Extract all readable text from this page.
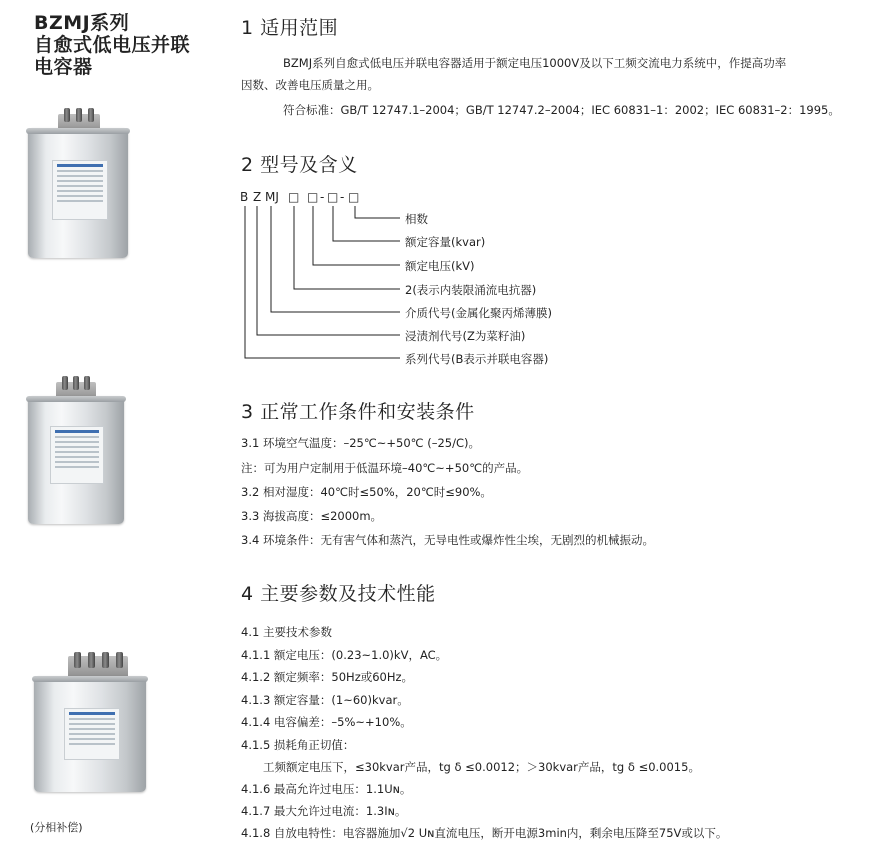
BZMJ系列
自愈式低电压并联
电容器
(分相补偿)
1 适用范围
BZMJ系列自愈式低电压并联电容器适用于额定电压1000V及以下工频交流电力系统中，作提高功率
因数、改善电压质量之用。
符合标准：GB/T 12747.1–2004；GB/T 12747.2–2004；IEC 60831–1：2002；IEC 60831–2：1995。
2 型号及含义
B Z MJ □ □ - □ - □
相数
额定容量(kvar)
额定电压(kV)
2(表示内装限涌流电抗器)
介质代号(金属化聚丙烯薄膜)
浸渍剂代号(Z为菜籽油)
系列代号(B表示并联电容器)
3 正常工作条件和安装条件
3.1 环境空气温度：–25℃~+50℃ (–25/C)。
注：可为用户定制用于低温环境–40℃~+50℃的产品。
3.2 相对湿度：40℃时≤50%，20℃时≤90%。
3.3 海拔高度：≤2000m。
3.4 环境条件：无有害气体和蒸汽，无导电性或爆炸性尘埃，无剧烈的机械振动。
4 主要参数及技术性能
4.1 主要技术参数
4.1.1 额定电压：(0.23~1.0)kV，AC。
4.1.2 额定频率：50Hz或60Hz。
4.1.3 额定容量：(1~60)kvar。
4.1.4 电容偏差：–5%~+10%。
4.1.5 损耗角正切值：
工频额定电压下，≤30kvar产品，tg δ ≤0.0012；＞30kvar产品，tg δ ≤0.0015。
4.1.6 最高允许过电压：1.1Uɴ。
4.1.7 最大允许过电流：1.3Iɴ。
4.1.8 自放电特性：电容器施加√2 Uɴ直流电压，断开电源3min内，剩余电压降至75V或以下。
